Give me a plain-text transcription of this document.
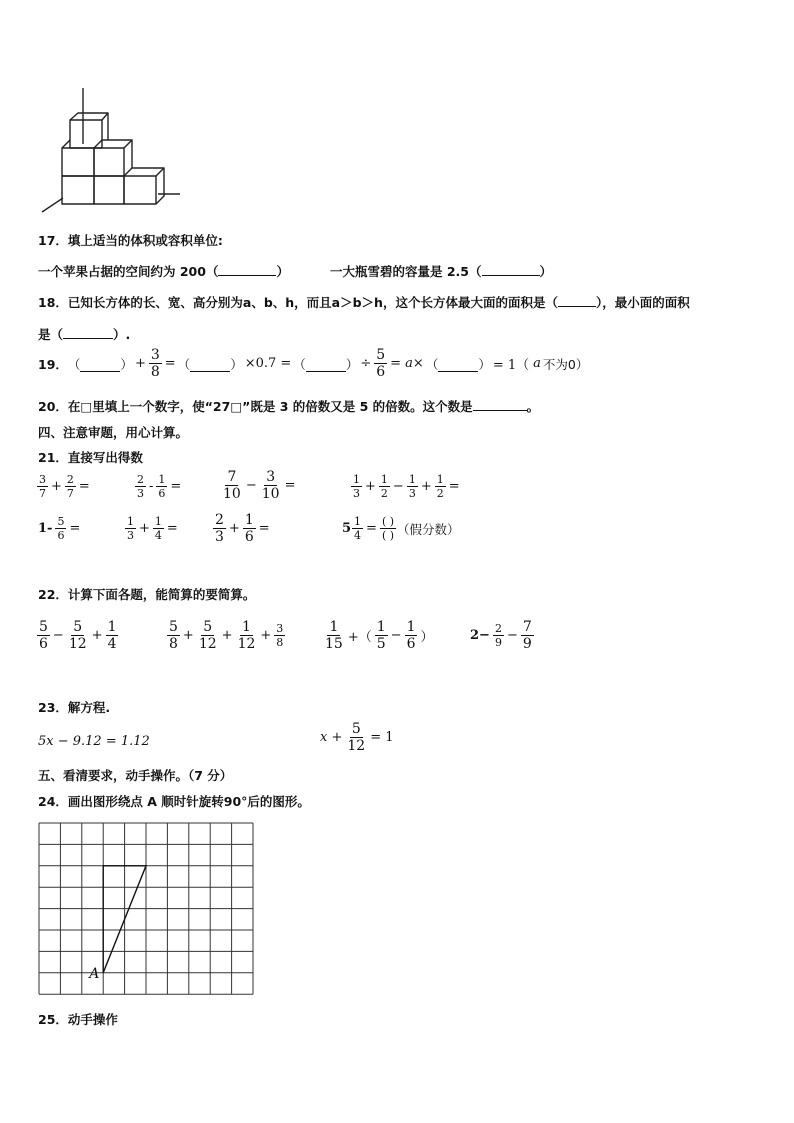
17．填上适当的体积或容积单位:
一个苹果占据的空间约为 200（	）	一大瓶雪碧的容量是 2.5（	）
18．已知长方体的长、宽、高分别为a、b、h，而且a＞b＞h，这个长方体最大面的面积是（	），最小面的面积
是（	）.
19． （	） + $\frac{3}{8}$ = （	） ×0.7 = （	） ÷ $\frac{5}{6} = a\times$ （	） = 1（ a 不为0）
20．在□里填上一个数字，使“27□”既是 3 的倍数又是 5 的倍数。这个数是	。
四、注意审题，用心计算。
21．直接写出得数
$\frac{3}{7} + \frac{2}{7}$ =	$\frac{2}{3} - \frac{1}{6}$ =	$\frac{7}{10} - \frac{3}{10}$ =	$\frac{1}{3} + \frac{1}{2} - \frac{1}{3} + \frac{1}{2}$ =
$1- \frac{5}{6}$ =	$\frac{1}{3} + \frac{1}{4}$ =	$\frac{2}{3} + \frac{1}{6}$ =	$5 \frac{1}{4} = \frac{( )}{( )}$ （假分数）
22．计算下面各题，能简算的要简算。
$\frac{5}{6} - \frac{5}{12} + \frac{1}{4}$	$\frac{5}{8} + \frac{5}{12} + \frac{1}{12} + \frac{3}{8}$	$\frac{1}{15}$ +（ $\frac{1}{5} - \frac{1}{6}$ ）	$2- \frac{2}{9} - \frac{7}{9}$
23．解方程.
5x − 9.12 = 1.12	$x + \frac{5}{12} = 1$
五、看清要求，动手操作。（7 分）
24．画出图形绕点 A 顺时针旋转90°后的图形。
A
25．动手操作
